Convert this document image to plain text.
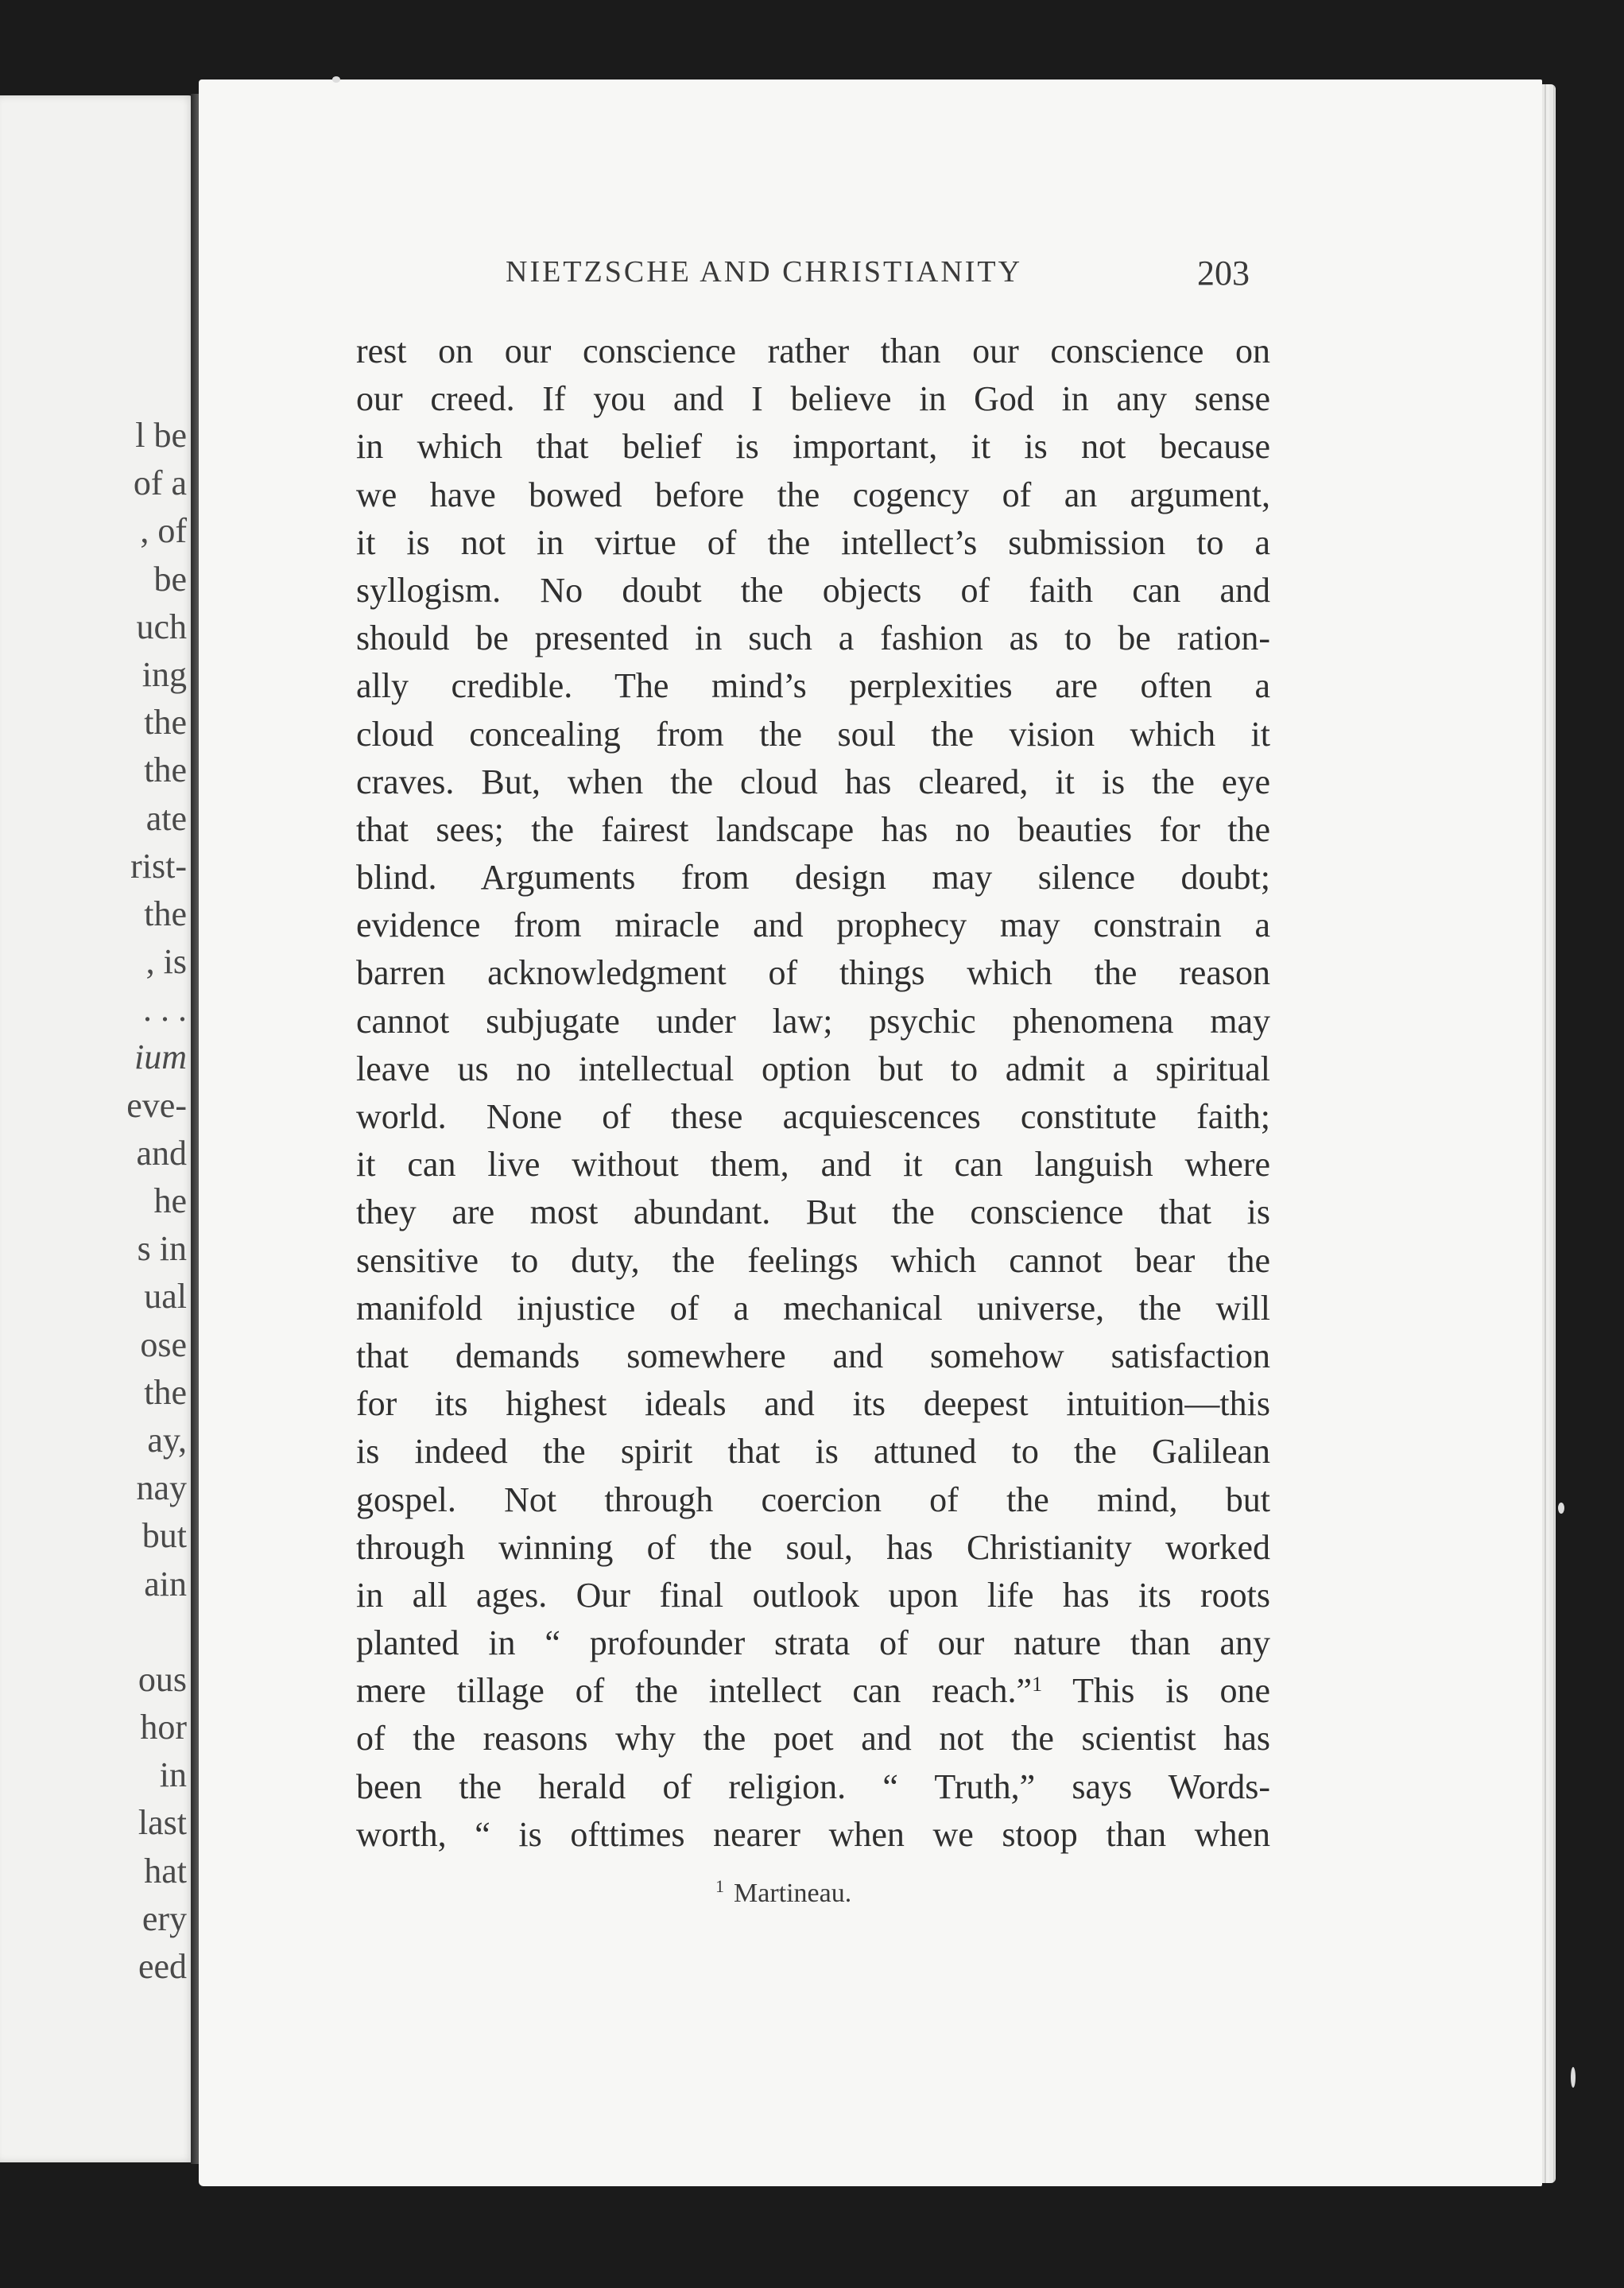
l be
of a
, of
be
uch
ing
the
the
ate
rist-
the
, is
. . .
ium
eve-
and
he
s in
ual
ose
the
ay,
nay
but
ain
ous
hor
in
last
hat
ery
eed
NIETZSCHE AND CHRISTIANITY	203
rest on our conscience rather than our conscience on
our creed. If you and I believe in God in any sense
in which that belief is important, it is not because
we have bowed before the cogency of an argument,
it is not in virtue of the intellect’s submission to a
syllogism. No doubt the objects of faith can and
should be presented in such a fashion as to be ration-
ally credible. The mind’s perplexities are often a
cloud concealing from the soul the vision which it
craves. But, when the cloud has cleared, it is the eye
that sees; the fairest landscape has no beauties for the
blind. Arguments from design may silence doubt;
evidence from miracle and prophecy may constrain a
barren acknowledgment of things which the reason
cannot subjugate under law; psychic phenomena may
leave us no intellectual option but to admit a spiritual
world. None of these acquiescences constitute faith;
it can live without them, and it can languish where
they are most abundant. But the conscience that is
sensitive to duty, the feelings which cannot bear the
manifold injustice of a mechanical universe, the will
that demands somewhere and somehow satisfaction
for its highest ideals and its deepest intuition—this
is indeed the spirit that is attuned to the Galilean
gospel. Not through coercion of the mind, but
through winning of the soul, has Christianity worked
in all ages. Our final outlook upon life has its roots
planted in “ profounder strata of our nature than any
mere tillage of the intellect can reach.”$^1$ This is one
of the reasons why the poet and not the scientist has
been the herald of religion. “ Truth,” says Words-
worth, “ is ofttimes nearer when we stoop than when
$^1$ Martineau.
